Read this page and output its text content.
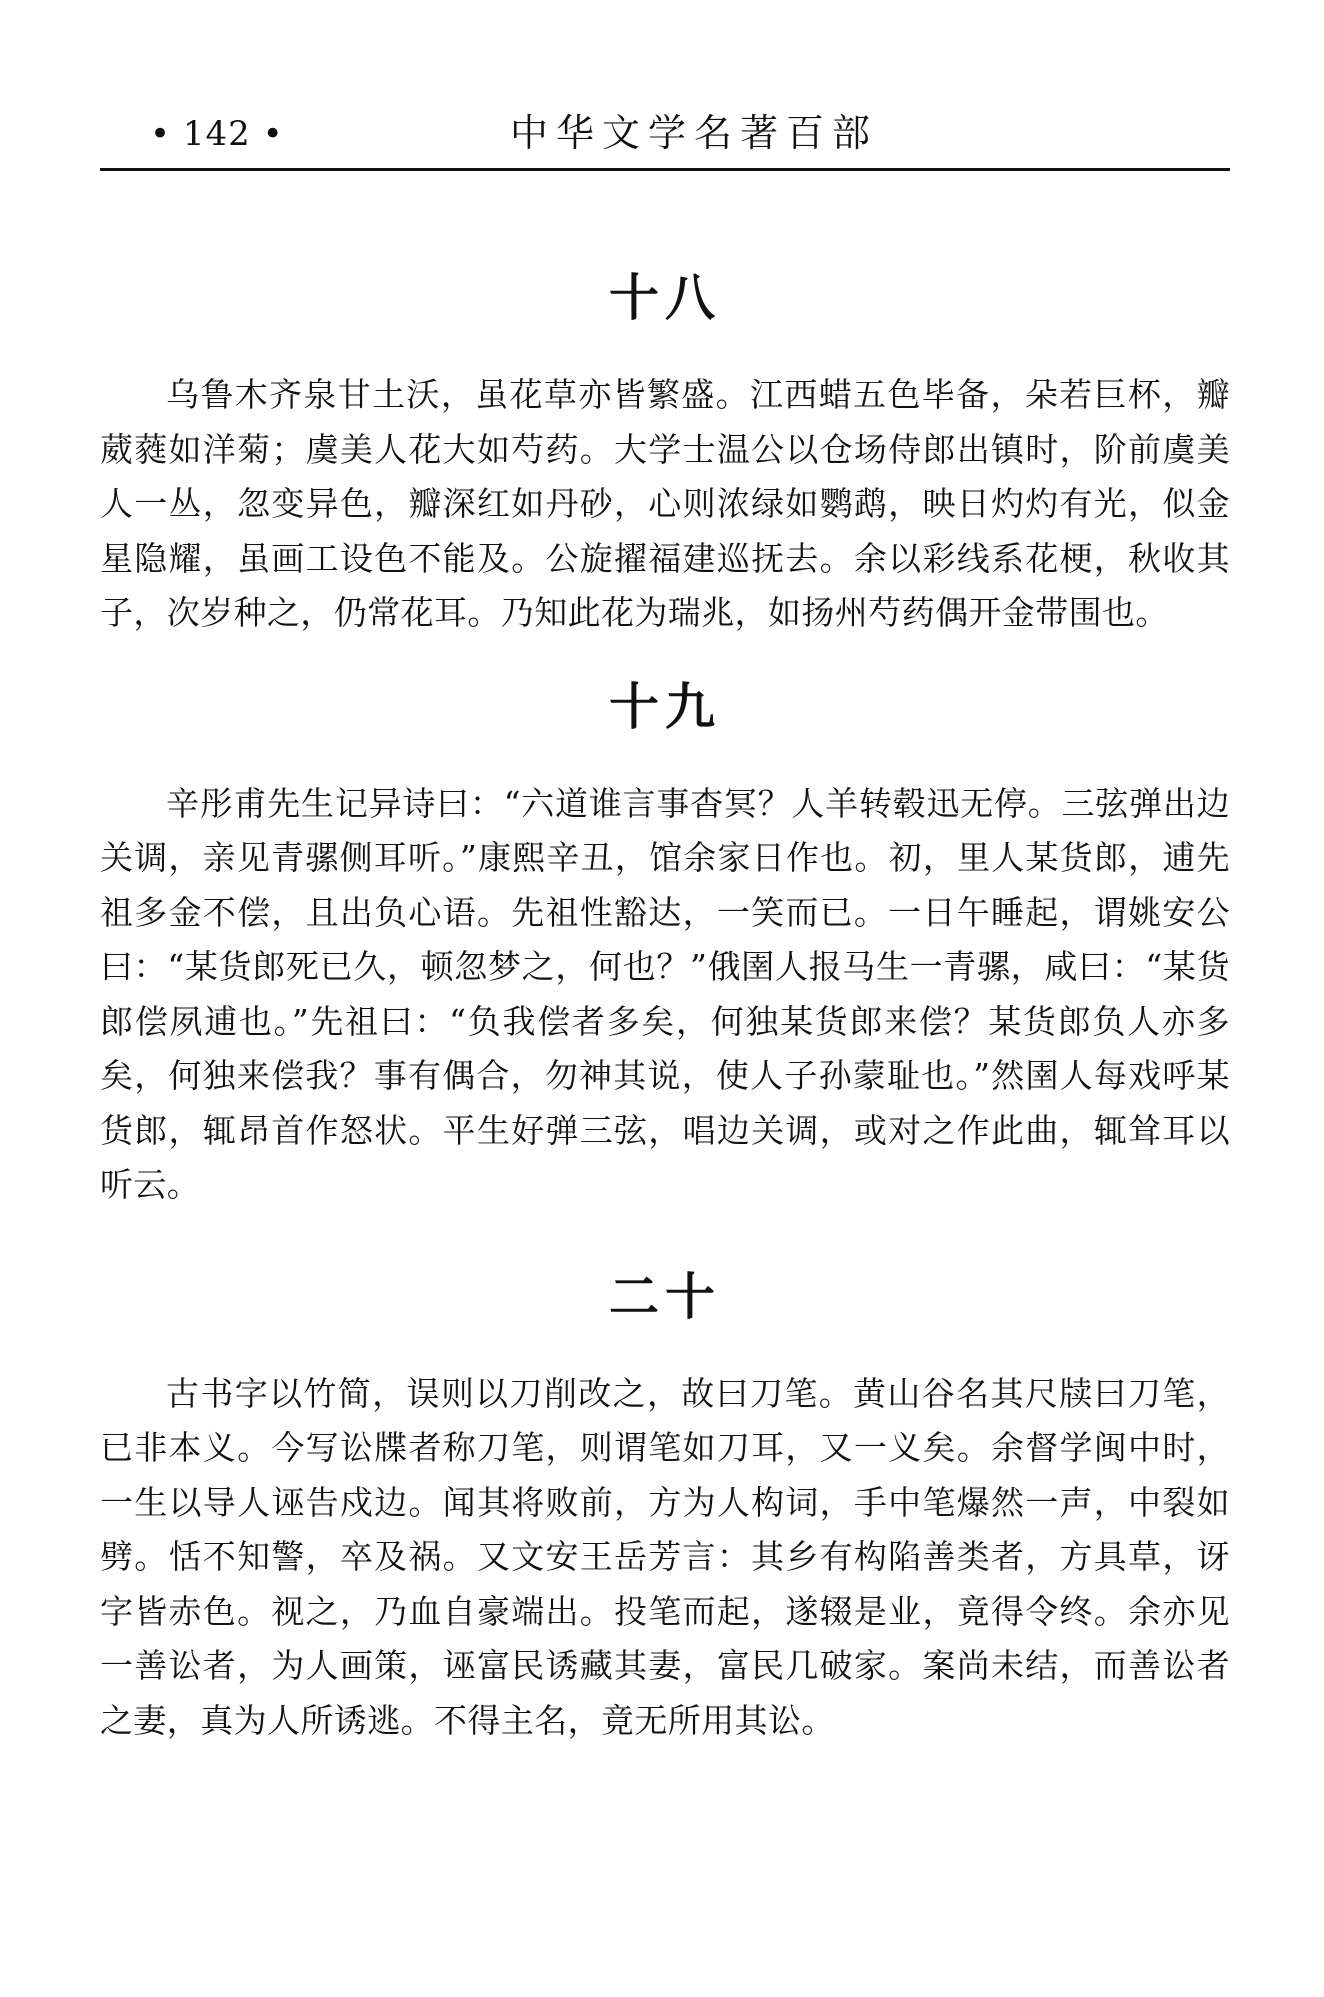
• 142 •	中华文学名著百部
十八

乌鲁木齐泉甘土沃，虽花草亦皆繁盛。江西蜡五色毕备，朵若巨杯，瓣葳蕤如洋菊；虞美人花大如芍药。大学士温公以仓场侍郎出镇时，阶前虞美人一丛，忽变异色，瓣深红如丹砂，心则浓绿如鹦鹉，映日灼灼有光，似金星隐耀，虽画工设色不能及。公旋擢福建巡抚去。余以彩线系花梗，秋收其子，次岁种之，仍常花耳。乃知此花为瑞兆，如扬州芍药偶开金带围也。

十九

辛彤甫先生记异诗曰：“六道谁言事杳冥？人羊转毂迅无停。三弦弹出边关调，亲见青骡侧耳听。”康熙辛丑，馆余家日作也。初，里人某货郎，逋先祖多金不偿，且出负心语。先祖性豁达，一笑而已。一日午睡起，谓姚安公曰：“某货郎死已久，顿忽梦之，何也？”俄圉人报马生一青骡，咸曰：“某货郎偿夙逋也。”先祖曰：“负我偿者多矣，何独某货郎来偿？某货郎负人亦多矣，何独来偿我？事有偶合，勿神其说，使人子孙蒙耻也。”然圉人每戏呼某货郎，辄昂首作怒状。平生好弹三弦，唱边关调，或对之作此曲，辄耸耳以听云。

二十

古书字以竹简，误则以刀削改之，故曰刀笔。黄山谷名其尺牍曰刀笔，已非本义。今写讼牒者称刀笔，则谓笔如刀耳，又一义矣。余督学闽中时，一生以导人诬告戍边。闻其将败前，方为人构词，手中笔爆然一声，中裂如劈。恬不知警，卒及祸。又文安王岳芳言：其乡有构陷善类者，方具草，讶字皆赤色。视之，乃血自豪端出。投笔而起，遂辍是业，竟得令终。余亦见一善讼者，为人画策，诬富民诱藏其妻，富民几破家。案尚未结，而善讼者之妻，真为人所诱逃。不得主名，竟无所用其讼。
